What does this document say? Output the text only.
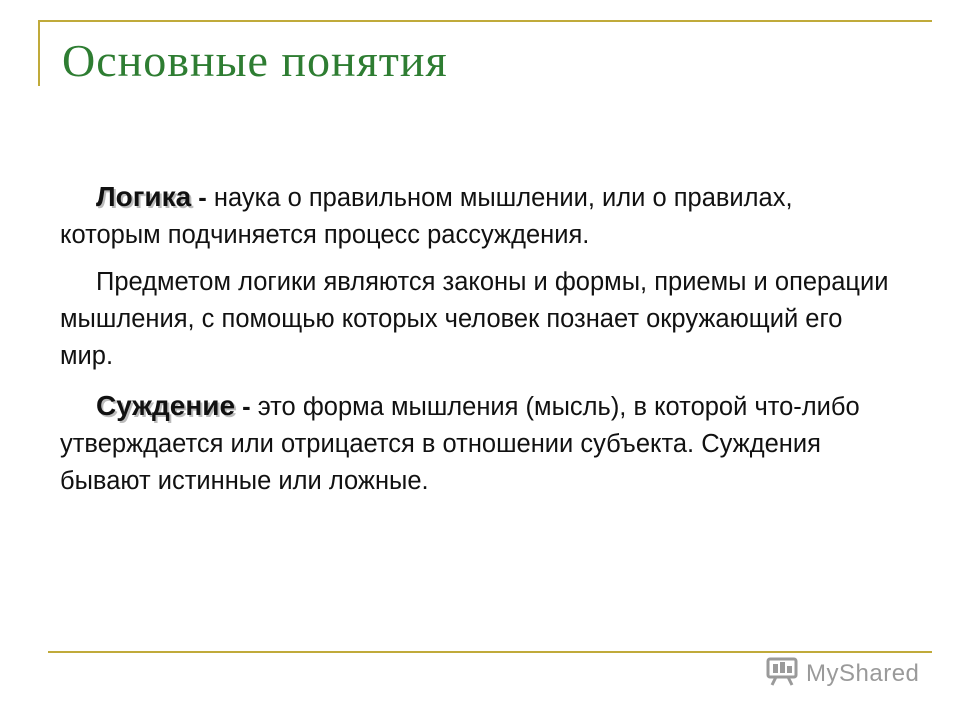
Основные понятия

Логика - наука о правильном мышлении, или о правилах, которым подчиняется процесс рассуждения.

Предметом логики являются законы и формы, приемы и операции мышления, с помощью которых человек познает окружающий его мир.

Суждение - это форма мышления (мысль), в которой что-либо утверждается или отрицается в отношении субъекта. Суждения бывают истинные или ложные.

MyShared
